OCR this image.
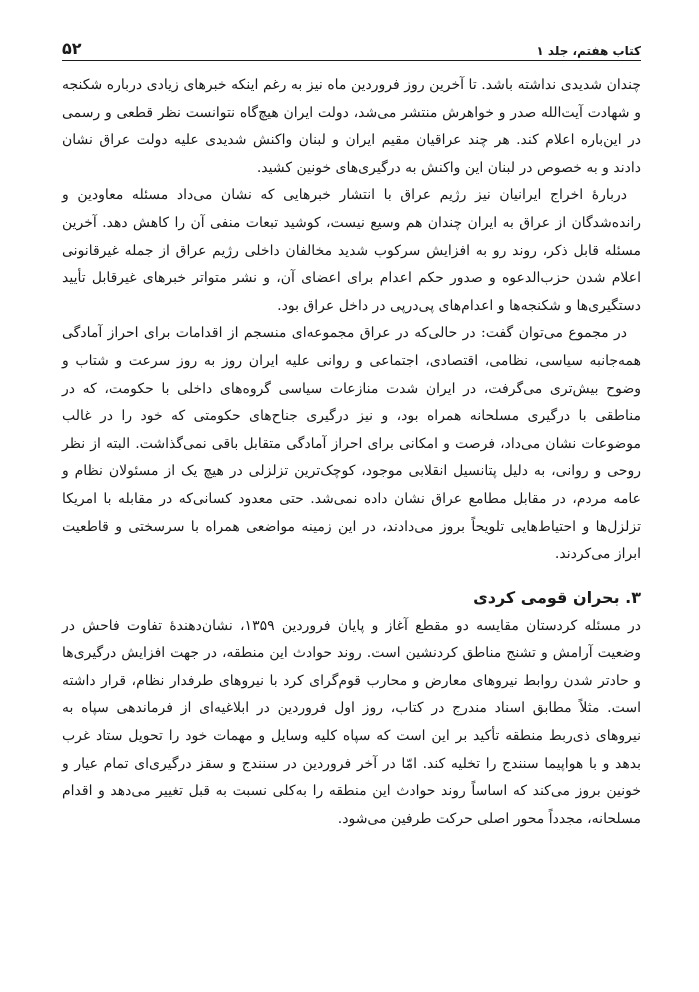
کتاب هفتم، جلد ۱
۵۲

چندان شدیدی نداشته باشد. تا آخرین روز فروردین ماه نیز به رغم اینکه خبرهای زیادی درباره شکنجه و شهادت آیت‌الله صدر و خواهرش منتشر می‌شد، دولت ایران هیچ‌گاه نتوانست نظر قطعی و رسمی در این‌باره اعلام کند. هر چند عراقیان مقیم ایران و لبنان واکنش شدیدی علیه دولت عراق نشان دادند و به خصوص در لبنان این واکنش به درگیری‌های خونین کشید.

دربارهٔ اخراج ایرانیان نیز رژیم عراق با انتشار خبرهایی که نشان می‌داد مسئله معاودین و رانده‌شدگان از عراق به ایران چندان هم وسیع نیست، کوشید تبعات منفی آن را کاهش دهد. آخرین مسئله قابل ذکر، روند رو به افزایش سرکوب شدید مخالفان داخلی رژیم عراق از جمله غیرقانونی اعلام شدن حزب‌الدعوه و صدور حکم اعدام برای اعضای آن، و نشر متواتر خبرهای غیرقابل تأیید دستگیری‌ها و شکنجه‌ها و اعدام‌های پی‌درپی در داخل عراق بود.

در مجموع می‌توان گفت: در حالی‌که در عراق مجموعه‌ای منسجم از اقدامات برای احراز آمادگی همه‌جانبه سیاسی، نظامی، اقتصادی، اجتماعی و روانی علیه ایران روز به روز سرعت و شتاب و وضوح بیش‌تری می‌گرفت، در ایران شدت منازعات سیاسی گروه‌های داخلی با حکومت، که در مناطقی با درگیری مسلحانه همراه بود، و نیز درگیری جناح‌های حکومتی که خود را در غالب موضوعات نشان می‌داد، فرصت و امکانی برای احراز آمادگی متقابل باقی نمی‌گذاشت. البته از نظر روحی و روانی، به دلیل پتانسیل انقلابی موجود، کوچک‌ترین تزلزلی در هیچ یک از مسئولان نظام و عامه مردم، در مقابل مطامع عراق نشان داده نمی‌شد. حتی معدود کسانی‌که در مقابله با امریکا تزلزل‌ها و احتیاط‌هایی تلویحاً بروز می‌دادند، در این زمینه مواضعی همراه با سرسختی و قاطعیت ابراز می‌کردند.

۳. بحران قومی کردی

در مسئله کردستان مقایسه دو مقطع آغاز و پایان فروردین ۱۳۵۹، نشان‌دهندهٔ تفاوت فاحش در وضعیت آرامش و تشنج مناطق کردنشین است. روند حوادث این منطقه، در جهت افزایش درگیری‌ها و حادتر شدن روابط نیروهای معارض و محارب قوم‌گرای کرد با نیروهای طرفدار نظام، قرار داشته است. مثلاً مطابق اسناد مندرج در کتاب، روز اول فروردین در ابلاغیه‌ای از فرماندهی سپاه به نیروهای ذی‌ربط منطقه تأکید بر این است که سپاه کلیه وسایل و مهمات خود را تحویل ستاد غرب بدهد و با هواپیما سنندج را تخلیه کند. امّا در آخر فروردین در سنندج و سقز درگیری‌ای تمام عیار و خونین بروز می‌کند که اساساً روند حوادث این منطقه را به‌کلی نسبت به قبل تغییر می‌دهد و اقدام مسلحانه، مجدداً محور اصلی حرکت طرفین می‌شود.
